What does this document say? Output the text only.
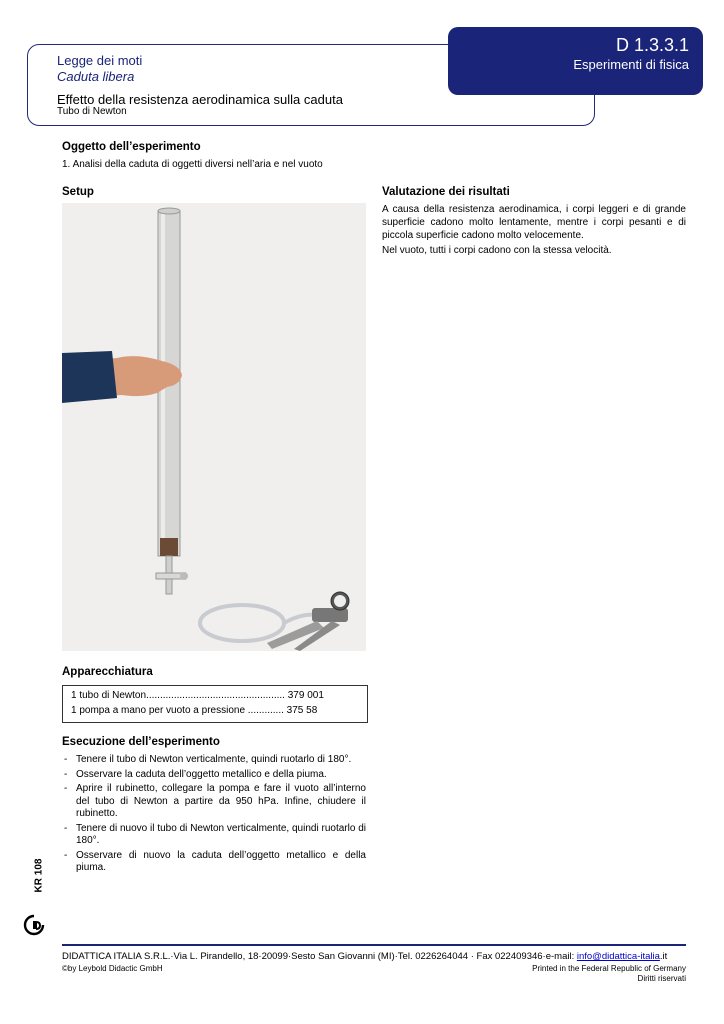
D 1.3.3.1
Esperimenti di fisica
Legge dei moti
Caduta libera
Effetto della resistenza aerodinamica sulla caduta
Tubo di Newton
Oggetto dell’esperimento
1. Analisi della caduta di oggetti diversi nell’aria e nel vuoto
Setup	Valutazione dei risultati
A causa della resistenza aerodinamica, i corpi leggeri e di grande superficie cadono molto lentamente, mentre i corpi pesanti e di piccola superficie cadono molto velocemente.
Nel vuoto, tutti i corpi cadono con la stessa velocità.
Apparecchiatura
1 tubo di Newton.................................................. 379 001
1 pompa a mano per vuoto a pressione ............. 375 58
Esecuzione dell’esperimento
- Tenere il tubo di Newton verticalmente, quindi ruotarlo di 180°.
- Osservare la caduta dell’oggetto metallico e della piuma.
- Aprire il rubinetto, collegare la pompa e fare il vuoto all’interno del tubo di Newton a partire da 950 hPa. Infine, chiudere il rubinetto.
- Tenere di nuovo il tubo di Newton verticalmente, quindi ruotarlo di 180°.
- Osservare di nuovo la caduta dell’oggetto metallico e della piuma.
KR 108
DIDATTICA ITALIA S.R.L.·Via L. Pirandello, 18·20099·Sesto San Giovanni (MI)·Tel. 0226264044 · Fax 022409346·e-mail: info@didattica-italia.it
©by Leybold Didactic GmbH	Printed in the Federal Republic of Germany
Diritti riservati
